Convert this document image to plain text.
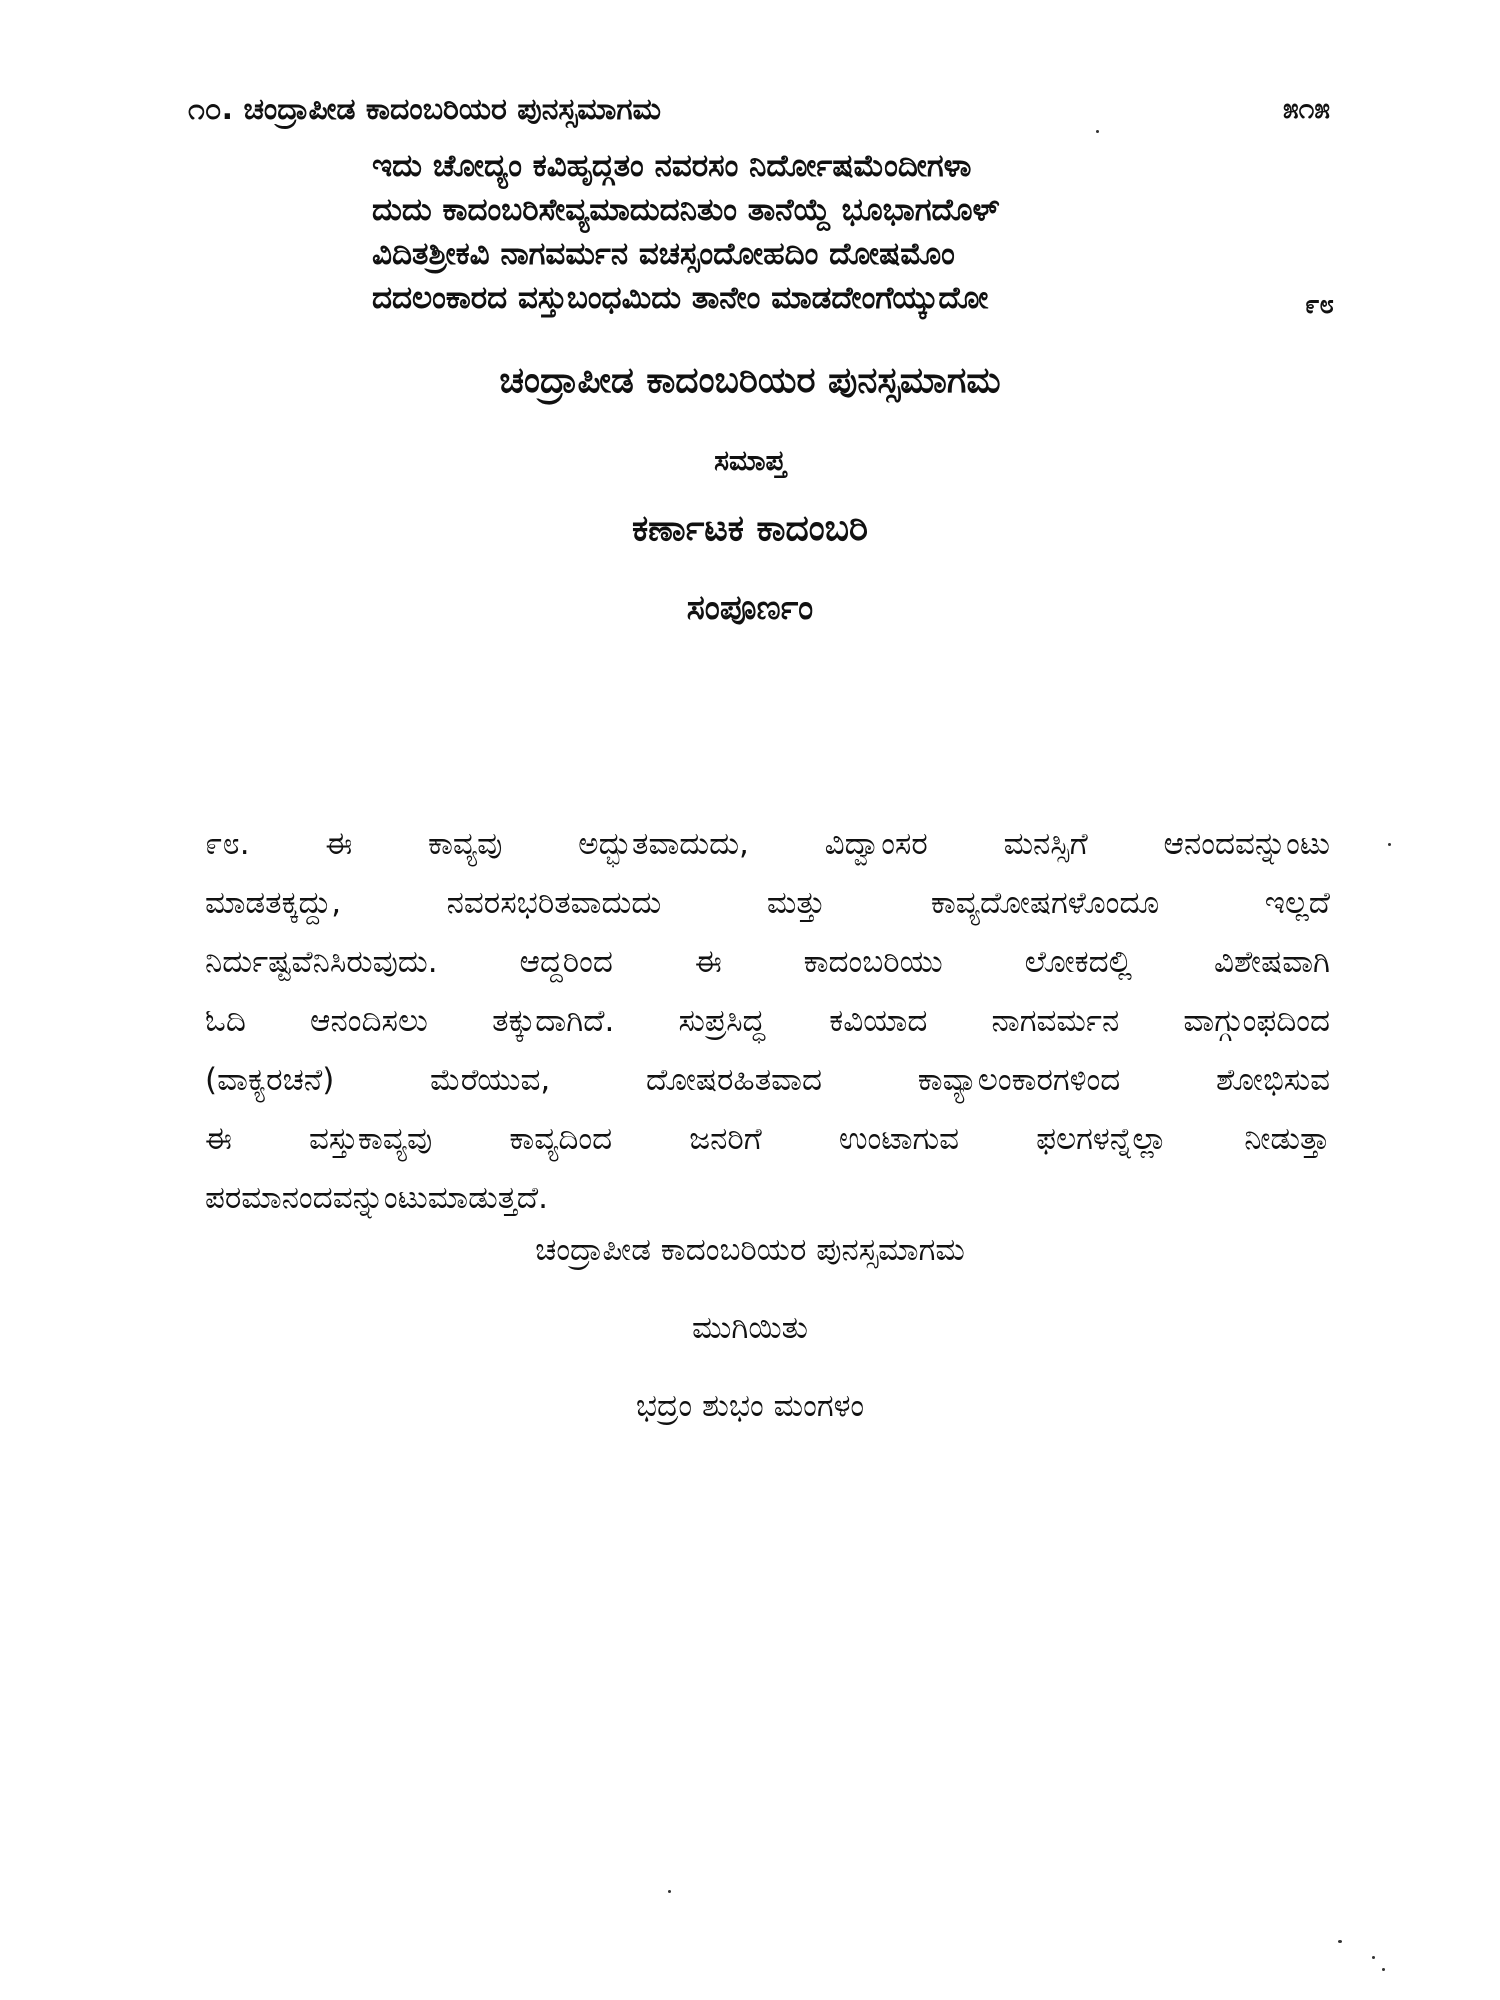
೧೦. ಚಂದ್ರಾಪೀಡ ಕಾದಂಬರಿಯರ ಪುನಸ್ಸಮಾಗಮ	೫೧೫
ಇದು ಚೋದ್ಯಂ ಕವಿಹೃದ್ಗತಂ ನವರಸಂ ನಿರ್ದೋಷಮೆಂದೀಗಳಾ
ದುದು ಕಾದಂಬರಿಸೇವ್ಯಮಾದುದನಿತುಂ ತಾನೆಯ್ದೆ ಭೂಭಾಗದೊಳ್
ವಿದಿತಶ್ರೀಕವಿ ನಾಗವರ್ಮನ ವಚಸ್ಸಂದೋಹದಿಂ ದೋಷಮೊಂ
ದದಲಂಕಾರದ ವಸ್ತುಬಂಧಮಿದು ತಾನೇಂ ಮಾಡದೇಂಗೆಯ್ಕುದೋ	೯೮
ಚಂದ್ರಾಪೀಡ ಕಾದಂಬರಿಯರ ಪುನಸ್ಸಮಾಗಮ
ಸಮಾಪ್ತ
ಕರ್ಣಾಟಕ ಕಾದಂಬರಿ
ಸಂಪೂರ್ಣಂ
೯೮. ಈ ಕಾವ್ಯವು ಅದ್ಭುತವಾದುದು, ವಿದ್ವಾಂಸರ ಮನಸ್ಸಿಗೆ ಆನಂದವನ್ನುಂಟು
ಮಾಡತಕ್ಕದ್ದು, ನವರಸಭರಿತವಾದುದು ಮತ್ತು ಕಾವ್ಯದೋಷಗಳೊಂದೂ ಇಲ್ಲದೆ
ನಿರ್ದುಷ್ಟವೆನಿಸಿರುವುದು. ಆದ್ದರಿಂದ ಈ ಕಾದಂಬರಿಯು ಲೋಕದಲ್ಲಿ ವಿಶೇಷವಾಗಿ
ಓದಿ ಆನಂದಿಸಲು ತಕ್ಕುದಾಗಿದೆ. ಸುಪ್ರಸಿದ್ಧ ಕವಿಯಾದ ನಾಗವರ್ಮನ ವಾಗ್ಗುಂಫದಿಂದ
(ವಾಕ್ಯರಚನೆ) ಮೆರೆಯುವ, ದೋಷರಹಿತವಾದ ಕಾವ್ಯಾಲಂಕಾರಗಳಿಂದ ಶೋಭಿಸುವ
ಈ ವಸ್ತುಕಾವ್ಯವು ಕಾವ್ಯದಿಂದ ಜನರಿಗೆ ಉಂಟಾಗುವ ಫಲಗಳನ್ನೆಲ್ಲಾ ನೀಡುತ್ತಾ
ಪರಮಾನಂದವನ್ನುಂಟುಮಾಡುತ್ತದೆ.
ಚಂದ್ರಾಪೀಡ ಕಾದಂಬರಿಯರ ಪುನಸ್ಸಮಾಗಮ
ಮುಗಿಯಿತು
ಭದ್ರಂ ಶುಭಂ ಮಂಗಳಂ
